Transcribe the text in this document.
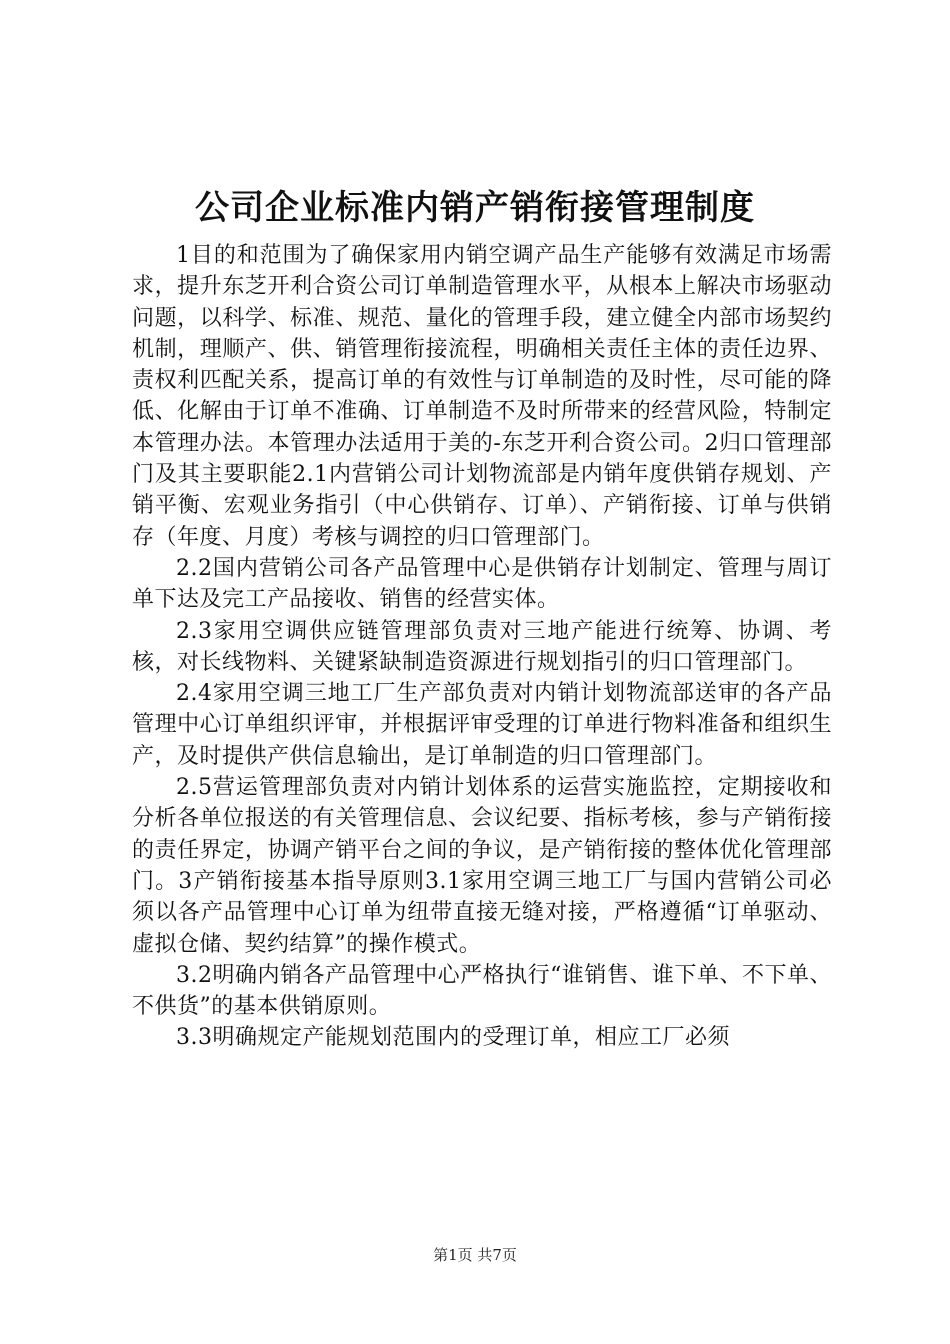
公司企业标准内销产销衔接管理制度

1目的和范围为了确保家用内销空调产品生产能够有效满足市场需求，提升东芝开利合资公司订单制造管理水平，从根本上解决市场驱动问题，以科学、标准、规范、量化的管理手段，建立健全内部市场契约机制，理顺产、供、销管理衔接流程，明确相关责任主体的责任边界、责权利匹配关系，提高订单的有效性与订单制造的及时性，尽可能的降低、化解由于订单不准确、订单制造不及时所带来的经营风险，特制定本管理办法。本管理办法适用于美的-东芝开利合资公司。2归口管理部门及其主要职能2.1内营销公司计划物流部是内销年度供销存规划、产销平衡、宏观业务指引（中心供销存、订单）、产销衔接、订单与供销存（年度、月度）考核与调控的归口管理部门。

2.2国内营销公司各产品管理中心是供销存计划制定、管理与周订单下达及完工产品接收、销售的经营实体。

2.3家用空调供应链管理部负责对三地产能进行统筹、协调、考核，对长线物料、关键紧缺制造资源进行规划指引的归口管理部门。

2.4家用空调三地工厂生产部负责对内销计划物流部送审的各产品管理中心订单组织评审，并根据评审受理的订单进行物料准备和组织生产，及时提供产供信息输出，是订单制造的归口管理部门。

2.5营运管理部负责对内销计划体系的运营实施监控，定期接收和分析各单位报送的有关管理信息、会议纪要、指标考核，参与产销衔接的责任界定，协调产销平台之间的争议，是产销衔接的整体优化管理部门。3产销衔接基本指导原则3.1家用空调三地工厂与国内营销公司必须以各产品管理中心订单为纽带直接无缝对接，严格遵循“订单驱动、虚拟仓储、契约结算”的操作模式。

3.2明确内销各产品管理中心严格执行“谁销售、谁下单、不下单、不供货”的基本供销原则。

3.3明确规定产能规划范围内的受理订单，相应工厂必须

第1页 共7页
